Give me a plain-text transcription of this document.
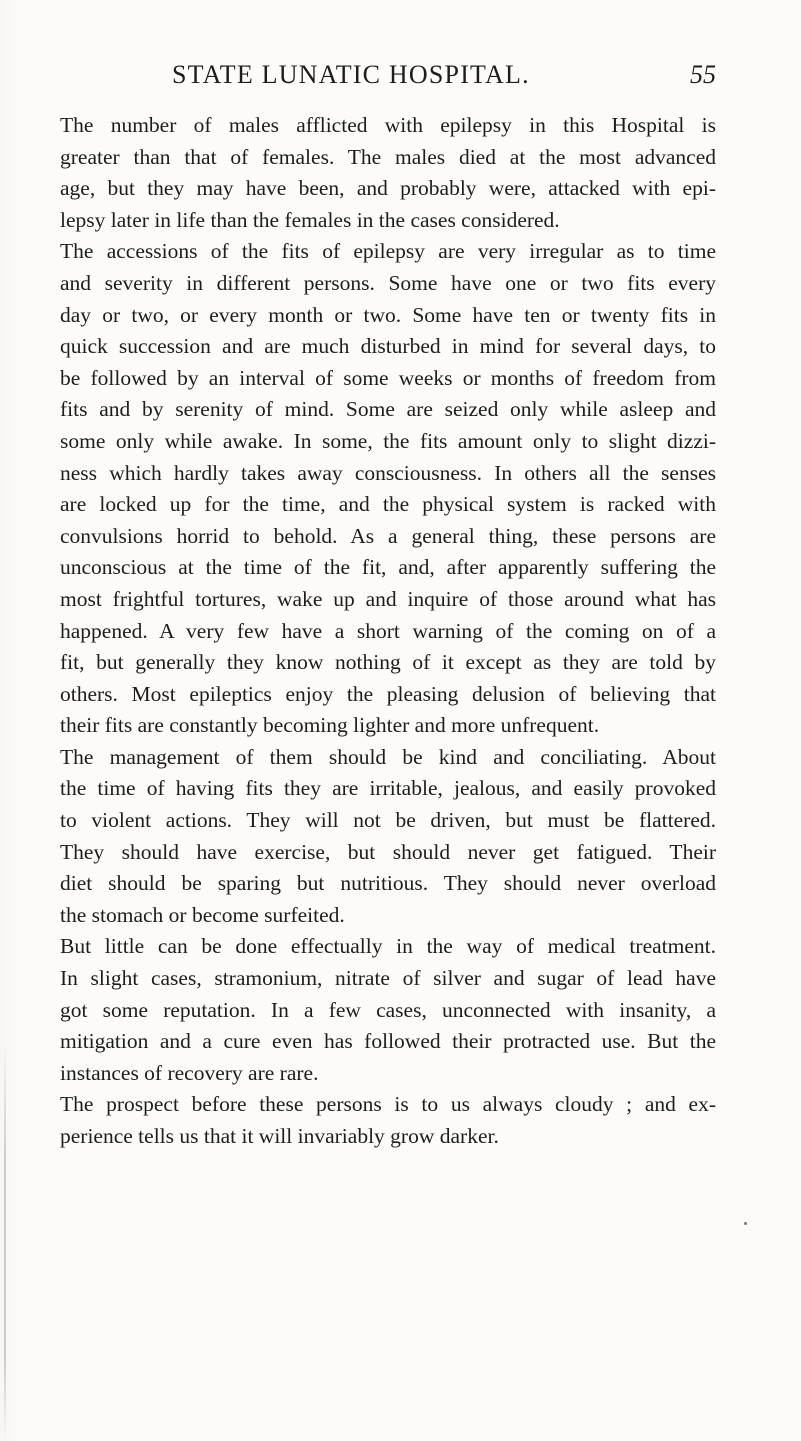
STATE LUNATIC HOSPITAL.	55
The number of males afflicted with epilepsy in this Hospital is
greater than that of females. The males died at the most advanced
age, but they may have been, and probably were, attacked with epi-
lepsy later in life than the females in the cases considered.
The accessions of the fits of epilepsy are very irregular as to time
and severity in different persons. Some have one or two fits every
day or two, or every month or two. Some have ten or twenty fits in
quick succession and are much disturbed in mind for several days, to
be followed by an interval of some weeks or months of freedom from
fits and by serenity of mind. Some are seized only while asleep and
some only while awake. In some, the fits amount only to slight dizzi-
ness which hardly takes away consciousness. In others all the senses
are locked up for the time, and the physical system is racked with
convulsions horrid to behold. As a general thing, these persons are
unconscious at the time of the fit, and, after apparently suffering the
most frightful tortures, wake up and inquire of those around what has
happened. A very few have a short warning of the coming on of a
fit, but generally they know nothing of it except as they are told by
others. Most epileptics enjoy the pleasing delusion of believing that
their fits are constantly becoming lighter and more unfrequent.
The management of them should be kind and conciliating. About
the time of having fits they are irritable, jealous, and easily provoked
to violent actions. They will not be driven, but must be flattered.
They should have exercise, but should never get fatigued. Their
diet should be sparing but nutritious. They should never overload
the stomach or become surfeited.
But little can be done effectually in the way of medical treatment.
In slight cases, stramonium, nitrate of silver and sugar of lead have
got some reputation. In a few cases, unconnected with insanity, a
mitigation and a cure even has followed their protracted use. But the
instances of recovery are rare.
The prospect before these persons is to us always cloudy ; and ex-
perience tells us that it will invariably grow darker.
